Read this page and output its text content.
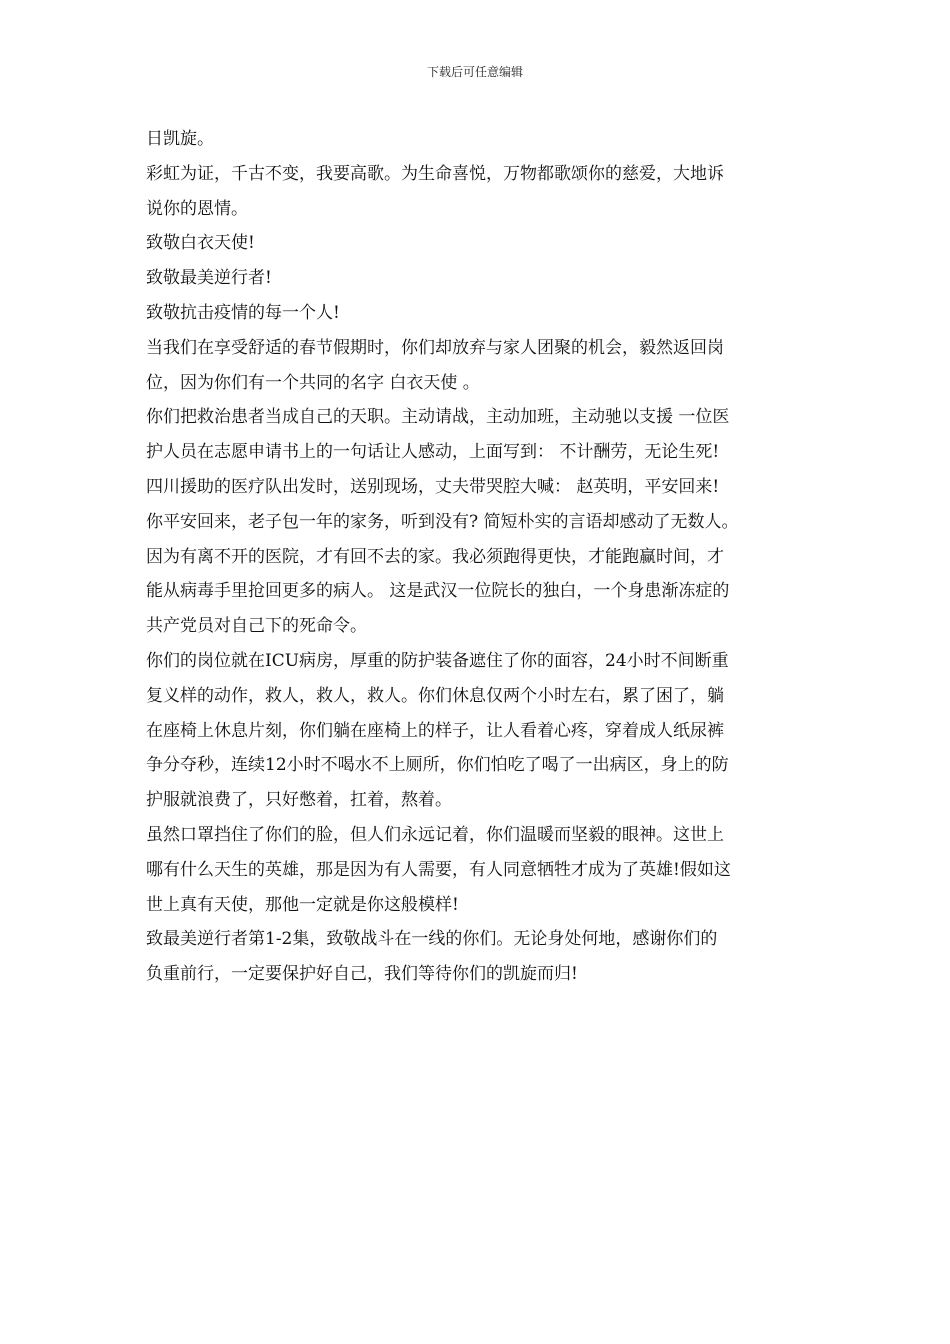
下载后可任意编辑
日凯旋。
彩虹为证，千古不变，我要高歌。为生命喜悦，万物都歌颂你的慈爱，大地诉
说你的恩情。
致敬白衣天使!
致敬最美逆行者!
致敬抗击疫情的每一个人!
当我们在享受舒适的春节假期时，你们却放弃与家人团聚的机会，毅然返回岗
位，因为你们有一个共同的名字 白衣天使 。
你们把救治患者当成自己的天职。主动请战，主动加班，主动驰以支援 一位医
护人员在志愿申请书上的一句话让人感动，上面写到： 不计酬劳，无论生死!
四川援助的医疗队出发时，送别现场，丈夫带哭腔大喊： 赵英明，平安回来!
你平安回来，老子包一年的家务，听到没有? 简短朴实的言语却感动了无数人。
因为有离不开的医院，才有回不去的家。我必须跑得更快，才能跑赢时间，才
能从病毒手里抢回更多的病人。 这是武汉一位院长的独白，一个身患渐冻症的
共产党员对自己下的死命令。
你们的岗位就在ICU病房，厚重的防护装备遮住了你的面容，24小时不间断重
复义样的动作，救人，救人，救人。你们休息仅两个小时左右，累了困了，躺
在座椅上休息片刻，你们躺在座椅上的样子，让人看着心疼，穿着成人纸尿裤
争分夺秒，连续12小时不喝水不上厕所，你们怕吃了喝了一出病区，身上的防
护服就浪费了，只好憋着，扛着，熬着。
虽然口罩挡住了你们的脸，但人们永远记着，你们温暖而坚毅的眼神。这世上
哪有什么天生的英雄，那是因为有人需要，有人同意牺牲才成为了英雄!假如这
世上真有天使，那他一定就是你这般模样!
致最美逆行者第1-2集，致敬战斗在一线的你们。无论身处何地，感谢你们的
负重前行，一定要保护好自己，我们等待你们的凯旋而归!
